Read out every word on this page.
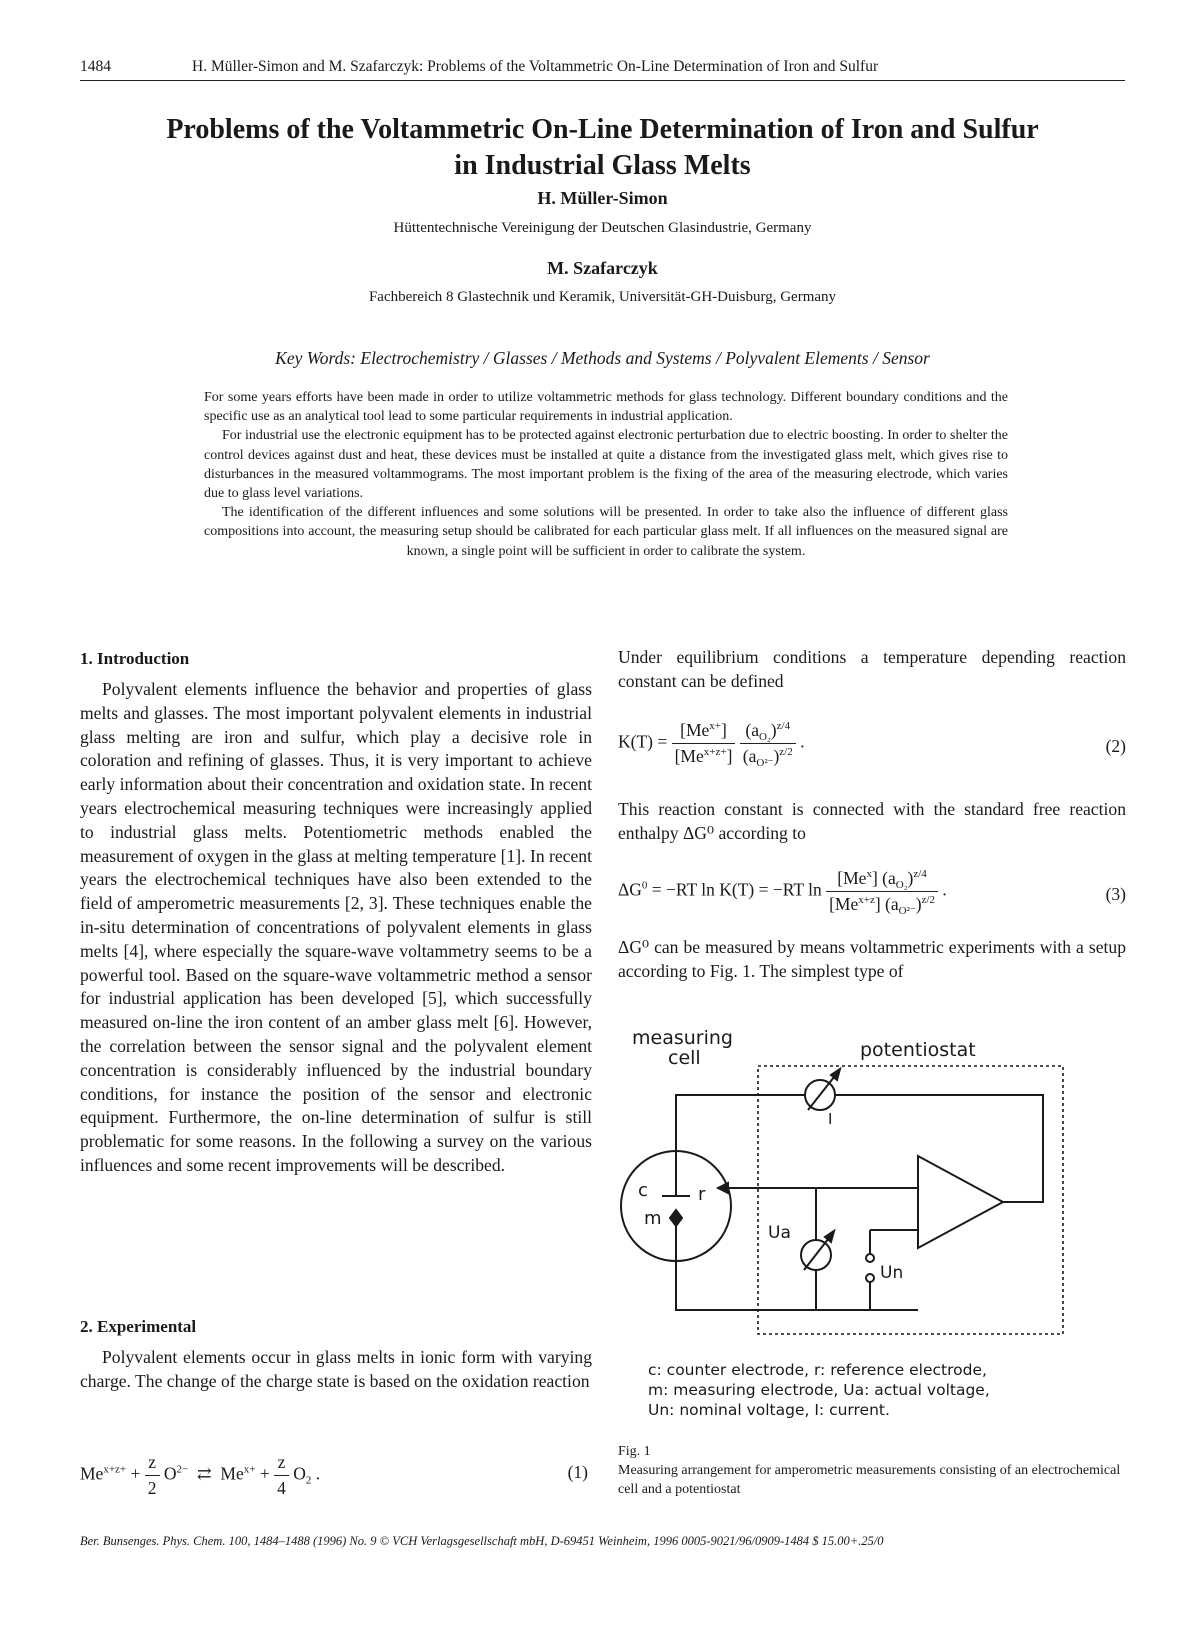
1484	H. Müller-Simon and M. Szafarczyk: Problems of the Voltammetric On-Line Determination of Iron and Sulfur
Problems of the Voltammetric On-Line Determination of Iron and Sulfur
in Industrial Glass Melts
H. Müller-Simon
Hüttentechnische Vereinigung der Deutschen Glasindustrie, Germany
M. Szafarczyk
Fachbereich 8 Glastechnik und Keramik, Universität-GH-Duisburg, Germany
Key Words: Electrochemistry / Glasses / Methods and Systems / Polyvalent Elements / Sensor

For some years efforts have been made in order to utilize voltammetric methods for glass technology. Different boundary conditions and the specific use as an analytical tool lead to some particular requirements in industrial application.

For industrial use the electronic equipment has to be protected against electronic perturbation due to electric boosting. In order to shelter the control devices against dust and heat, these devices must be installed at quite a distance from the investigated glass melt, which gives rise to disturbances in the measured voltammograms. The most important problem is the fixing of the area of the measuring electrode, which varies due to glass level variations.

The identification of the different influences and some solutions will be presented. In order to take also the influence of different glass compositions into account, the measuring setup should be calibrated for each particular glass melt. If all influences on the measured signal are known, a single point will be sufficient in order to calibrate the system.

1. Introduction

Polyvalent elements influence the behavior and properties of glass melts and glasses. The most important polyvalent elements in industrial glass melting are iron and sulfur, which play a decisive role in coloration and refining of glasses. Thus, it is very important to achieve early information about their concentration and oxidation state. In recent years electrochemical measuring techniques were increasingly applied to industrial glass melts. Potentiometric methods enabled the measurement of oxygen in the glass at melting temperature [1]. In recent years the electrochemical techniques have also been extended to the field of amperometric measurements [2, 3]. These techniques enable the in-situ determination of concentrations of polyvalent elements in glass melts [4], where especially the square-wave voltammetry seems to be a powerful tool. Based on the square-wave voltammetric method a sensor for industrial application has been developed [5], which successfully measured on-line the iron content of an amber glass melt [6]. However, the correlation between the sensor signal and the polyvalent element concentration is considerably influenced by the industrial boundary conditions, for instance the position of the sensor and electronic equipment. Furthermore, the on-line determination of sulfur is still problematic for some reasons. In the following a survey on the various influences and some recent improvements will be described.

2. Experimental

Polyvalent elements occur in glass melts in ionic form with varying charge. The change of the charge state is based on the oxidation reaction

$Me^{x+z+} + \frac{z}{2} O^{2-}$  ⇄  $Me^{x+} + \frac{z}{4} O_2$ .	(1)

Under equilibrium conditions a temperature depending reaction constant can be defined

$K(T) = \frac{[Me^{x+}]}{[Me^{x+z+}]}$
$\frac{(a_{O_2})^{z/4}}{(a_{O^{2-}})^{z/2}}$ .	(2)

This reaction constant is connected with the standard free reaction enthalpy ΔG⁰ according to

$\Delta G^0 = -RT$ ln K(T) = −RT $\ln \frac{[Me^x] (a_{O_2})^{z/4}}{[Me^{x+z}] (a_{O^{2-}})^{z/2}}$ .	(3)

ΔG⁰ can be measured by means voltammetric experiments with a setup according to Fig. 1. The simplest type of

measuring
cell	potentiostat
c	r
m
I
Ua
Un
c: counter electrode, r: reference electrode,
m: measuring electrode, Ua: actual voltage,
Un: nominal voltage, I: current.
Fig. 1
Measuring arrangement for amperometric measurements consisting of an electrochemical cell and a potentiostat
Ber. Bunsenges. Phys. Chem. 100, 1484–1488 (1996) No. 9 © VCH Verlagsgesellschaft mbH, D-69451 Weinheim, 1996 0005-9021/96/0909-1484 $ 15.00+.25/0
